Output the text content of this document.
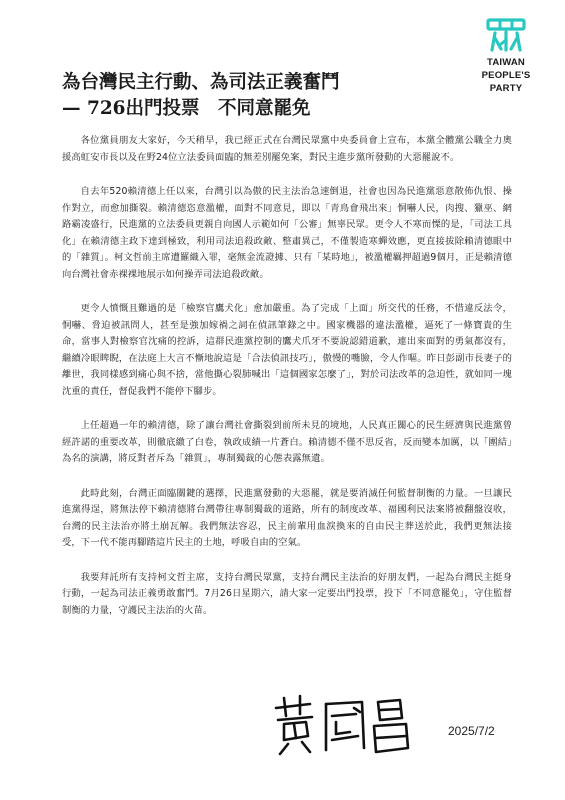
TAIWAN
PEOPLE'S
PARTY
為台灣民主行動、為司法正義奮鬥
— 726出門投票　不同意罷免

各位黨員朋友大家好，今天稍早，我已經正式在台灣民眾黨中央委員會上宣布，本黨全體黨公職全力奧援高虹安市長以及在野24位立法委員面臨的無差別罷免案，對民主進步黨所發動的大惡罷說不。

自去年520賴清德上任以來，台灣引以為傲的民主法治急速倒退，社會也因為民進黨惡意散佈仇恨、操作對立，而愈加撕裂。賴清德恣意濫權，面對不同意見，即以「青鳥會飛出來」恫嚇人民，肉搜、獵巫、網路霸凌盛行，民進黨的立法委員更親自向國人示範如何「公審」無辜民眾。更令人不寒而慄的是，「司法工具化」在賴清德主政下達到極致，利用司法追殺政敵、整肅異己，不僅製造寒蟬效應，更直接拔除賴清德眼中的「雜質」。柯文哲前主席遭羅織入罪，毫無金流證據、只有「某時地」，被濫權羈押超過9個月，正是賴清德向台灣社會赤裸裸地展示如何操弄司法追殺政敵。

更令人憤慨且難過的是「檢察官鷹犬化」愈加嚴重。為了完成「上面」所交代的任務，不惜違反法令，恫嚇、脅迫被訊問人，甚至是強加嫁禍之詞在偵訊筆錄之中。國家機器的違法濫權，逼死了一條寶貴的生命，當事人對檢察官沈痛的控訴，這群民進黨控制的鷹犬爪牙不要說認錯道歉，連出來面對的勇氣都沒有，繼續冷眼睥睨，在法庭上大言不慚地說這是「合法偵訊技巧」，傲慢的嘴臉，令人作嘔。昨日彭副市長妻子的離世，我同樣感到痛心與不捨，當他撕心裂肺喊出「這個國家怎麼了」，對於司法改革的急迫性，就如同一塊沈重的責任，督促我們不能停下腳步。

上任超過一年的賴清德，除了讓台灣社會撕裂到前所未見的境地，人民真正關心的民生經濟與民進黨曾經許諾的重要改革，則徹底繳了白卷，執政成績一片蒼白。賴清德不僅不思反省，反而變本加厲，以「團結」為名的演講，將反對者斥為「雜質」，專制獨裁的心態表露無遺。

此時此刻，台灣正面臨關鍵的選擇，民進黨發動的大惡罷，就是要消滅任何監督制衡的力量。一旦讓民進黨得逞，將無法停下賴清德將台灣帶往專制獨裁的道路，所有的制度改革、福國利民法案將被翻盤沒收，台灣的民主法治亦將土崩瓦解。我們無法容忍，民主前輩用血淚換來的自由民主葬送於此，我們更無法接受，下一代不能再腳踏這片民主的土地，呼吸自由的空氣。

我要拜託所有支持柯文哲主席，支持台灣民眾黨，支持台灣民主法治的好朋友們，一起為台灣民主挺身行動，一起為司法正義勇敢奮鬥。7月26日星期六，請大家一定要出門投票，投下「不同意罷免」，守住監督制衡的力量，守護民主法治的火苗。

2025/7/2
